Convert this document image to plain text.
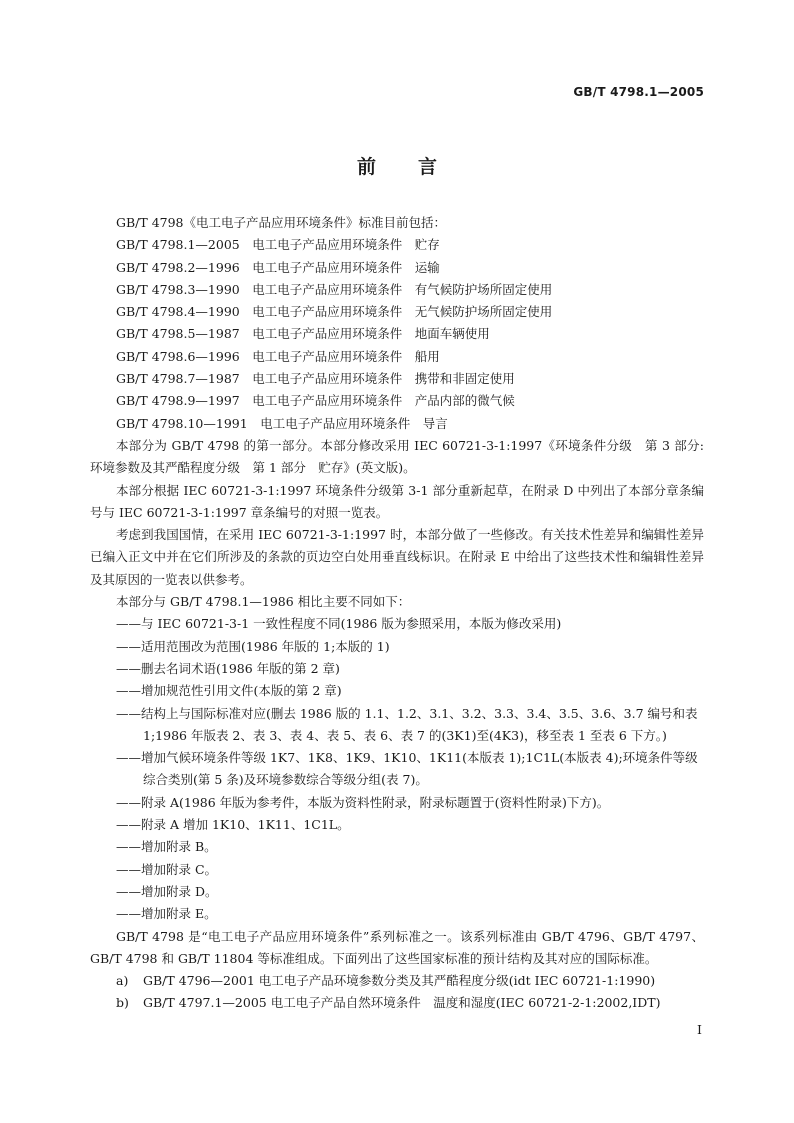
GB/T 4798.1—2005
前言
GB/T 4798《电工电子产品应用环境条件》标准目前包括：
GB/T 4798.1—2005　电工电子产品应用环境条件　贮存
GB/T 4798.2—1996　电工电子产品应用环境条件　运输
GB/T 4798.3—1990　电工电子产品应用环境条件　有气候防护场所固定使用
GB/T 4798.4—1990　电工电子产品应用环境条件　无气候防护场所固定使用
GB/T 4798.5—1987　电工电子产品应用环境条件　地面车辆使用
GB/T 4798.6—1996　电工电子产品应用环境条件　船用
GB/T 4798.7—1987　电工电子产品应用环境条件　携带和非固定使用
GB/T 4798.9—1997　电工电子产品应用环境条件　产品内部的微气候
GB/T 4798.10—1991　电工电子产品应用环境条件　导言
本部分为 GB/T 4798 的第一部分。本部分修改采用 IEC 60721-3-1:1997《环境条件分级　第 3 部分:环境参数及其严酷程度分级　第 1 部分　贮存》(英文版)。
本部分根据 IEC 60721-3-1:1997 环境条件分级第 3-1 部分重新起草，在附录 D 中列出了本部分章条编号与 IEC 60721-3-1:1997 章条编号的对照一览表。
考虑到我国国情，在采用 IEC 60721-3-1:1997 时，本部分做了一些修改。有关技术性差异和编辑性差异已编入正文中并在它们所涉及的条款的页边空白处用垂直线标识。在附录 E 中给出了这些技术性和编辑性差异及其原因的一览表以供参考。
本部分与 GB/T 4798.1—1986 相比主要不同如下：
——与 IEC 60721-3-1 一致性程度不同(1986 版为参照采用，本版为修改采用)
——适用范围改为范围(1986 年版的 1;本版的 1)
——删去名词术语(1986 年版的第 2 章)
——增加规范性引用文件(本版的第 2 章)
——结构上与国际标准对应(删去 1986 版的 1.1、1.2、3.1、3.2、3.3、3.4、3.5、3.6、3.7 编号和表 1;1986 年版表 2、表 3、表 4、表 5、表 6、表 7 的(3K1)至(4K3)，移至表 1 至表 6 下方。)
——增加气候环境条件等级 1K7、1K8、1K9、1K10、1K11(本版表 1);1C1L(本版表 4);环境条件等级综合类别(第 5 条)及环境参数综合等级分组(表 7)。
——附录 A(1986 年版为参考件，本版为资料性附录，附录标题置于(资料性附录)下方)。
——附录 A 增加 1K10、1K11、1C1L。
——增加附录 B。
——增加附录 C。
——增加附录 D。
——增加附录 E。
GB/T 4798 是“电工电子产品应用环境条件”系列标准之一。该系列标准由 GB/T 4796、GB/T 4797、GB/T 4798 和 GB/T 11804 等标准组成。下面列出了这些国家标准的预计结构及其对应的国际标准。
a) GB/T 4796—2001 电工电子产品环境参数分类及其严酷程度分级(idt IEC 60721-1:1990)
b) GB/T 4797.1—2005 电工电子产品自然环境条件　温度和湿度(IEC 60721-2-1:2002,IDT)
I
